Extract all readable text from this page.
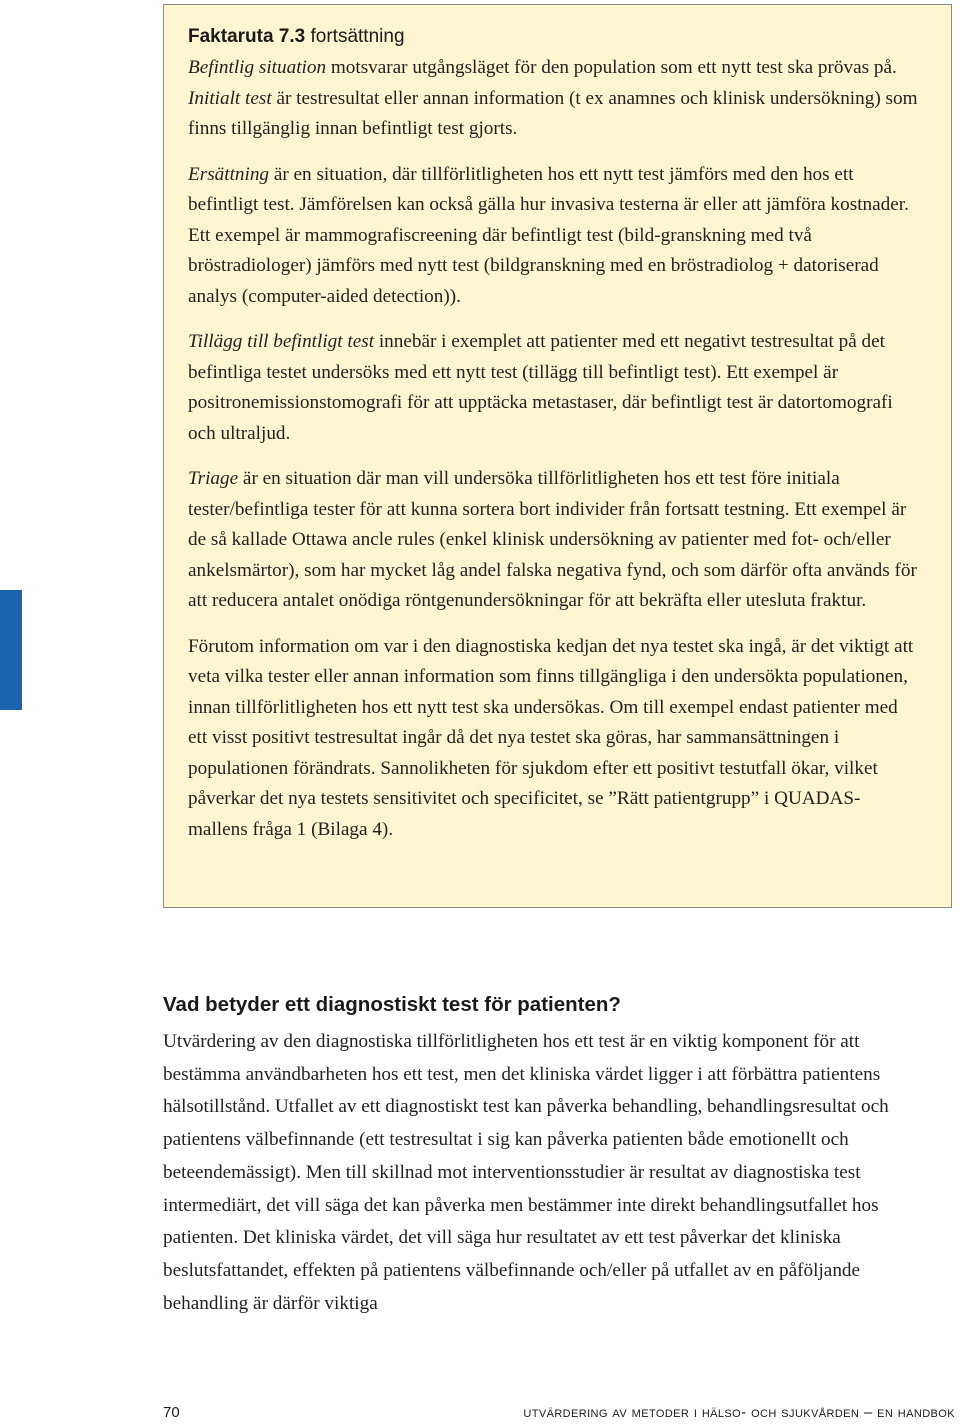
Faktaruta 7.3 fortsättning

Befintlig situation motsvarar utgångsläget för den population som ett nytt test ska prövas på. Initialt test är testresultat eller annan information (t ex anamnes och klinisk undersökning) som finns tillgänglig innan befintligt test gjorts.

Ersättning är en situation, där tillförlitligheten hos ett nytt test jämförs med den hos ett befintligt test. Jämförelsen kan också gälla hur invasiva testerna är eller att jämföra kostnader. Ett exempel är mammografiscreening där befintligt test (bild-granskning med två bröstradiologer) jämförs med nytt test (bildgranskning med en bröstradiolog + datoriserad analys (computer-aided detection)).

Tillägg till befintligt test innebär i exemplet att patienter med ett negativt testresultat på det befintliga testet undersöks med ett nytt test (tillägg till befintligt test). Ett exempel är positronemissionstomografi för att upptäcka metastaser, där befintligt test är datortomografi och ultraljud.

Triage är en situation där man vill undersöka tillförlitligheten hos ett test före initiala tester/befintliga tester för att kunna sortera bort individer från fortsatt testning. Ett exempel är de så kallade Ottawa ancle rules (enkel klinisk undersökning av patienter med fot- och/eller ankelsmärtor), som har mycket låg andel falska negativa fynd, och som därför ofta används för att reducera antalet onödiga röntgenundersökningar för att bekräfta eller utesluta fraktur.

Förutom information om var i den diagnostiska kedjan det nya testet ska ingå, är det viktigt att veta vilka tester eller annan information som finns tillgängliga i den undersökta populationen, innan tillförlitligheten hos ett nytt test ska undersökas. Om till exempel endast patienter med ett visst positivt testresultat ingår då det nya testet ska göras, har sammansättningen i populationen förändrats. Sannolikheten för sjukdom efter ett positivt testutfall ökar, vilket påverkar det nya testets sensitivitet och specificitet, se ”Rätt patientgrupp” i QUADAS-mallens fråga 1 (Bilaga 4).

Vad betyder ett diagnostiskt test för patienten?

Utvärdering av den diagnostiska tillförlitligheten hos ett test är en viktig komponent för att bestämma användbarheten hos ett test, men det kliniska värdet ligger i att förbättra patientens hälsotillstånd. Utfallet av ett diagnostiskt test kan påverka behandling, behandlingsresultat och patientens välbefinnande (ett testresultat i sig kan påverka patienten både emotionellt och beteendemässigt). Men till skillnad mot interventionsstudier är resultat av diagnostiska test intermediärt, det vill säga det kan påverka men bestämmer inte direkt behandlingsutfallet hos patienten. Det kliniska värdet, det vill säga hur resultatet av ett test påverkar det kliniska beslutsfattandet, effekten på patientens välbefinnande och/eller på utfallet av en påföljande behandling är därför viktiga

70	utvärdering av metoder i hälso- och sjukvården – en handbok
